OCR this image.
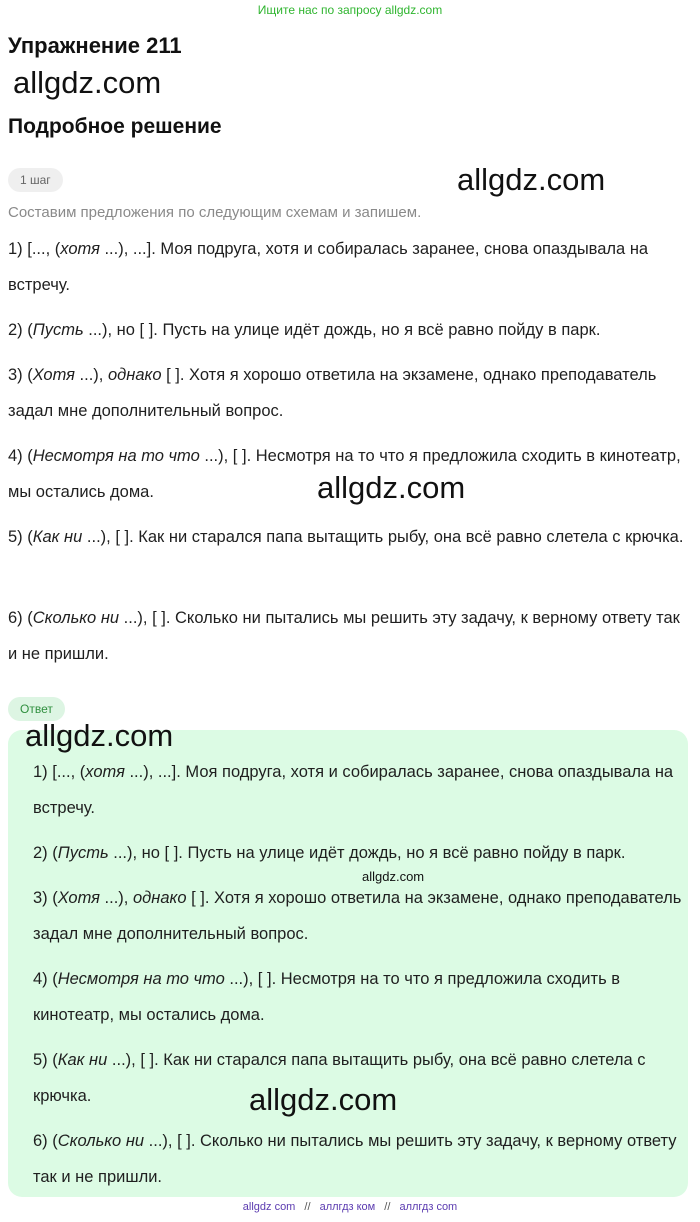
Ищите нас по запросу allgdz.com
Упражнение 211
allgdz.com
Подробное решение
1 шаг	allgdz.com
Составим предложения по следующим схемам и запишем.

1) [..., (хотя ...), ...]. Моя подруга, хотя и собиралась заранее, снова опаздывала на встречу.

2) (Пусть ...), но [ ]. Пусть на улице идёт дождь, но я всё равно пойду в парк.

3) (Хотя ...), однако [ ]. Хотя я хорошо ответила на экзамене, однако преподаватель задал мне дополнительный вопрос.

4) (Несмотря на то что ...), [ ]. Несмотря на то что я предложила сходить в кинотеатр, мы остались дома.

5) (Как ни ...), [ ]. Как ни старался папа вытащить рыбу, она всё равно слетела с крючка.

6) (Сколько ни ...), [ ]. Сколько ни пытались мы решить эту задачу, к верному ответу так и не пришли.

allgdz.com
Ответ
allgdz.com

1) [..., (хотя ...), ...]. Моя подруга, хотя и собиралась заранее, снова опаздывала на встречу.

2) (Пусть ...), но [ ]. Пусть на улице идёт дождь, но я всё равно пойду в парк.

3) (Хотя ...), однако [ ]. Хотя я хорошо ответила на экзамене, однако преподаватель задал мне дополнительный вопрос.

4) (Несмотря на то что ...), [ ]. Несмотря на то что я предложила сходить в кинотеатр, мы остались дома.

5) (Как ни ...), [ ]. Как ни старался папа вытащить рыбу, она всё равно слетела с крючка.

6) (Сколько ни ...), [ ]. Сколько ни пытались мы решить эту задачу, к верному ответу так и не пришли.

allgdz.com
allgdz.com
allgdz com // аллгдз ком // аллгдз com
